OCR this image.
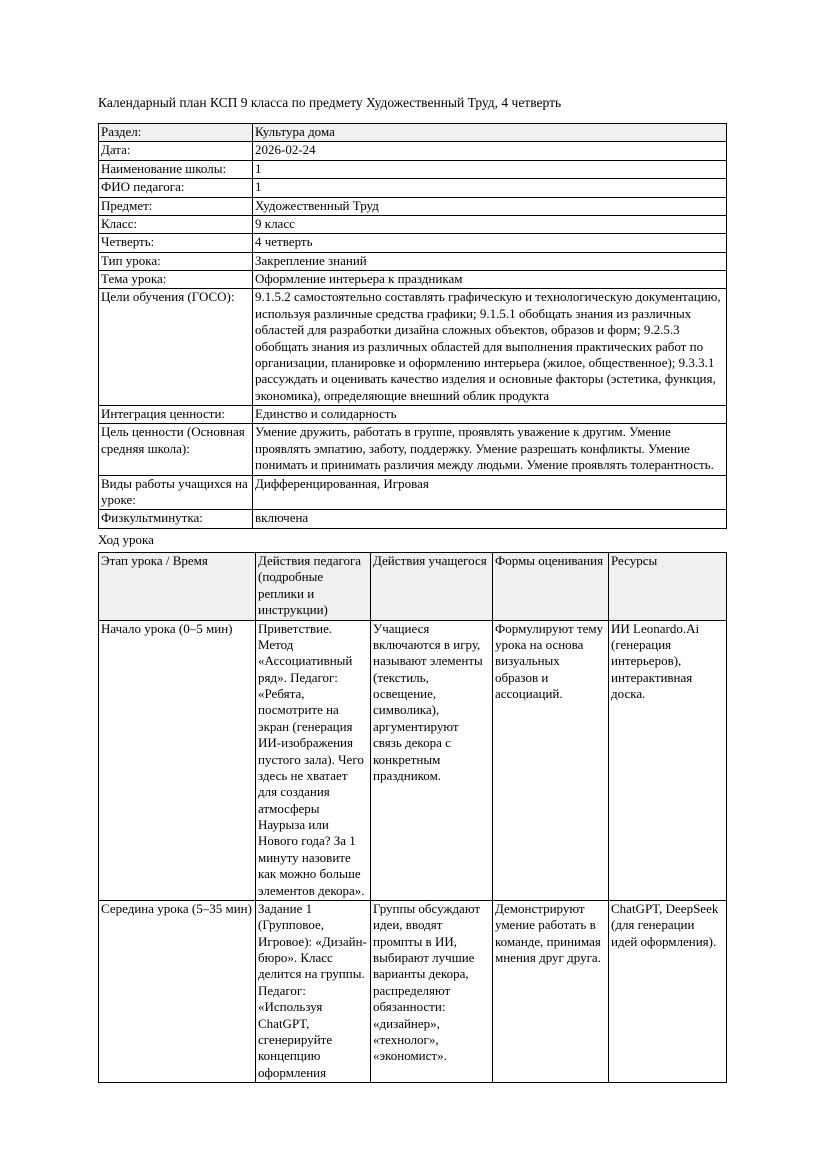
Календарный план КСП 9 класса по предмету Художественный Труд, 4 четверть

Раздел:	Культура дома
Дата:	2026-02-24
Наименование школы:	1
ФИО педагога:	1
Предмет:	Художественный Труд
Класс:	9 класс
Четверть:	4 четверть
Тип урока:	Закрепление знаний
Тема урока:	Оформление интерьера к праздникам
Цели обучения (ГОСО):	9.1.5.2 самостоятельно составлять графическую и технологическую документацию, используя различные средства графики; 9.1.5.1 обобщать знания из различных областей для разработки дизайна сложных объектов, образов и форм; 9.2.5.3 обобщать знания из различных областей для выполнения практических работ по организации, планировке и оформлению интерьера (жилое, общественное); 9.3.3.1 рассуждать и оценивать качество изделия и основные факторы (эстетика, функция, экономика), определяющие внешний облик продукта
Интеграция ценности:	Единство и солидарность
Цель ценности (Основная средняя школа):	Умение дружить, работать в группе, проявлять уважение к другим. Умение проявлять эмпатию, заботу, поддержку. Умение разрешать конфликты. Умение понимать и принимать различия между людьми. Умение проявлять толерантность.
Виды работы учащихся на уроке:	Дифференцированная, Игровая
Физкультминутка:	включена

Ход урока

Этап урока / Время	Действия педагога (подробные реплики и инструкции)	Действия учащегося	Формы оценивания	Ресурсы
Начало урока (0–5 мин)	Приветствие. Метод «Ассоциативный ряд». Педагог: «Ребята, посмотрите на экран (генерация ИИ-изображения пустого зала). Чего здесь не хватает для создания атмосферы Наурыза или Нового года? За 1 минуту назовите как можно больше элементов декора».	Учащиеся включаются в игру, называют элементы (текстиль, освещение, символика), аргументируют связь декора с конкретным праздником.	Формулируют тему урока на основа визуальных образов и ассоциаций.	ИИ Leonardo.Ai (генерация интерьеров), интерактивная доска.
Середина урока (5–35 мин)	Задание 1 (Групповое, Игровое): «Дизайн-бюро». Класс делится на группы. Педагог: «Используя ChatGPT, сгенерируйте концепцию оформления	Группы обсуждают идеи, вводят промпты в ИИ, выбирают лучшие варианты декора, распределяют обязанности: «дизайнер», «технолог», «экономист».	Демонстрируют умение работать в команде, принимая мнения друг друга.	ChatGPT, DeepSeek (для генерации идей оформления).
